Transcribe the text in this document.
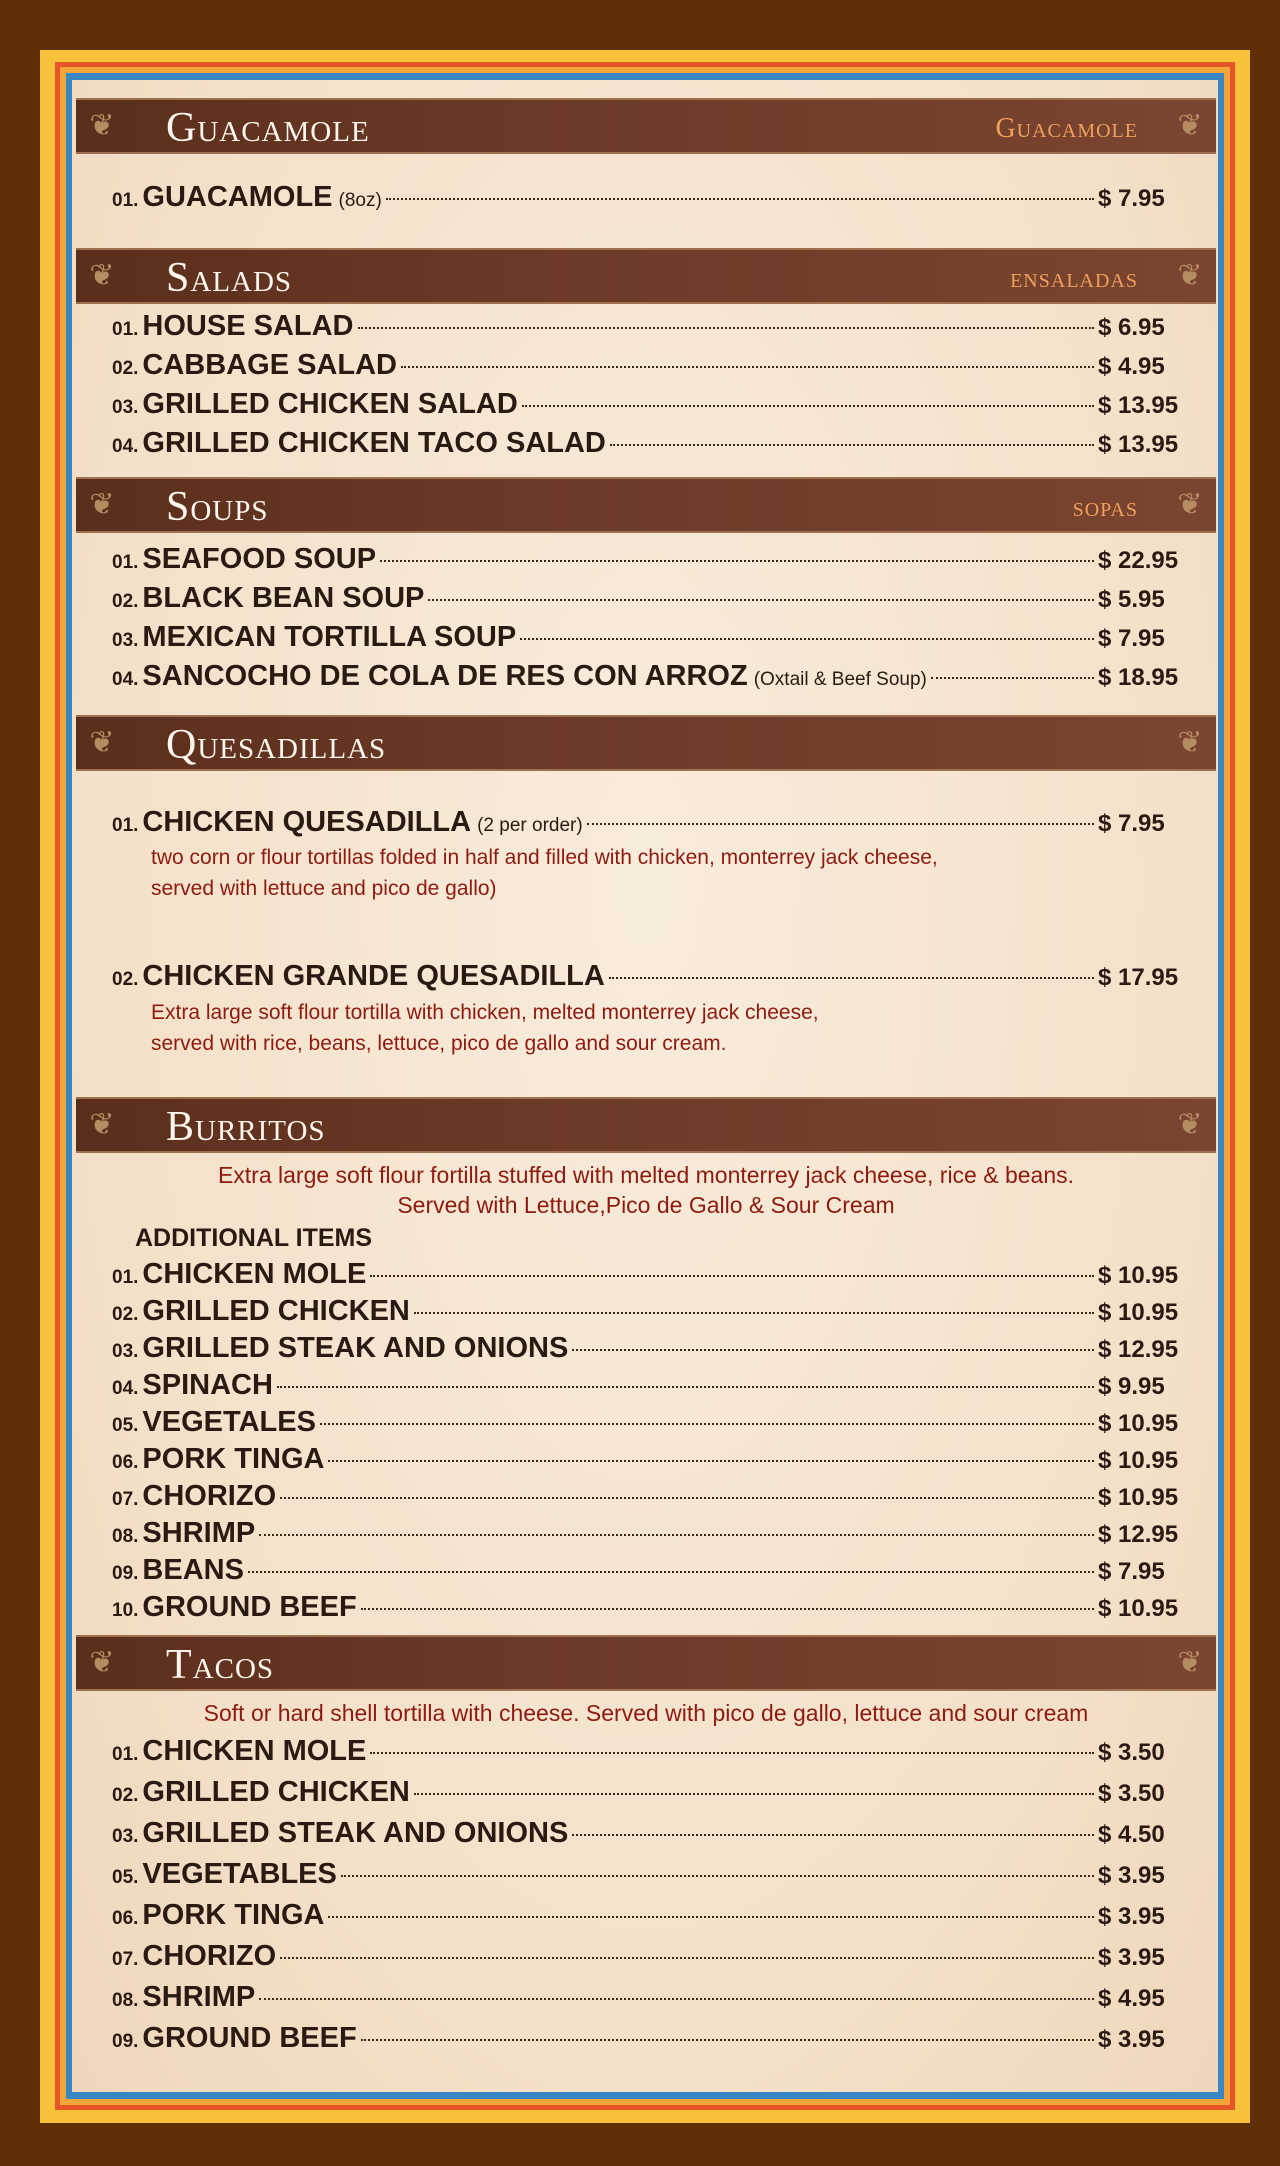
❦ Guacamole	Guacamole ❦
01. GUACAMOLE (8oz)	$ 7.95
❦ Salads	ensaladas ❦
01. HOUSE SALAD	$ 6.95
02. CABBAGE SALAD	$ 4.95
03. GRILLED CHICKEN SALAD	$ 13.95
04. GRILLED CHICKEN TACO SALAD	$ 13.95
❦ Soups	sopas ❦
01. SEAFOOD SOUP	$ 22.95
02. BLACK BEAN SOUP	$ 5.95
03. MEXICAN TORTILLA SOUP	$ 7.95
04. SANCOCHO DE COLA DE RES CON ARROZ (Oxtail & Beef Soup)	$ 18.95
❦ Quesadillas	❦
01. CHICKEN QUESADILLA (2 per order)	$ 7.95
two corn or flour tortillas folded in half and filled with chicken, monterrey jack cheese,
served with lettuce and pico de gallo)
02. CHICKEN GRANDE QUESADILLA	$ 17.95
Extra large soft flour tortilla with chicken, melted monterrey jack cheese,
served with rice, beans, lettuce, pico de gallo and sour cream.
❦ Burritos	❦
Extra large soft flour fortilla stuffed with melted monterrey jack cheese, rice & beans.
Served with Lettuce,Pico de Gallo & Sour Cream
ADDITIONAL ITEMS
01. CHICKEN MOLE	$ 10.95
02. GRILLED CHICKEN	$ 10.95
03. GRILLED STEAK AND ONIONS	$ 12.95
04. SPINACH	$ 9.95
05. VEGETALES	$ 10.95
06. PORK TINGA	$ 10.95
07. CHORIZO	$ 10.95
08. SHRIMP	$ 12.95
09. BEANS	$ 7.95
10. GROUND BEEF	$ 10.95
❦ Tacos	❦
Soft or hard shell tortilla with cheese. Served with pico de gallo, lettuce and sour cream
01. CHICKEN MOLE	$ 3.50
02. GRILLED CHICKEN	$ 3.50
03. GRILLED STEAK AND ONIONS	$ 4.50
05. VEGETABLES	$ 3.95
06. PORK TINGA	$ 3.95
07. CHORIZO	$ 3.95
08. SHRIMP	$ 4.95
09. GROUND BEEF	$ 3.95
